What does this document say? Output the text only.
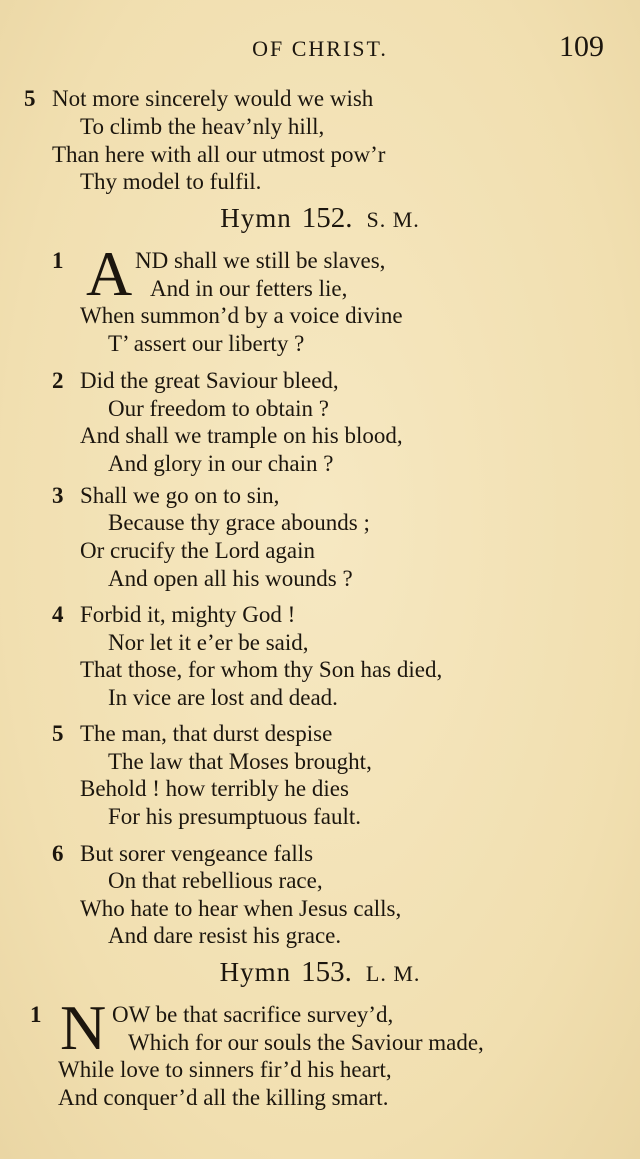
OF CHRIST.	109
5 Not more sincerely would we wish
To climb the heav’nly hill,
Than here with all our utmost pow’r
Thy model to fulfil.
Hymn 152. S. M.
1 A ND shall we still be slaves,
And in our fetters lie,
When summon’d by a voice divine
T’ assert our liberty ?
2 Did the great Saviour bleed,
Our freedom to obtain ?
And shall we trample on his blood,
And glory in our chain ?
3 Shall we go on to sin,
Because thy grace abounds ;
Or crucify the Lord again
And open all his wounds ?
4 Forbid it, mighty God !
Nor let it e’er be said,
That those, for whom thy Son has died,
In vice are lost and dead.
5 The man, that durst despise
The law that Moses brought,
Behold ! how terribly he dies
For his presumptuous fault.
6 But sorer vengeance falls
On that rebellious race,
Who hate to hear when Jesus calls,
And dare resist his grace.
Hymn 153. L. M.
1 N OW be that sacrifice survey’d,
Which for our souls the Saviour made,
While love to sinners fir’d his heart,
And conquer’d all the killing smart.
